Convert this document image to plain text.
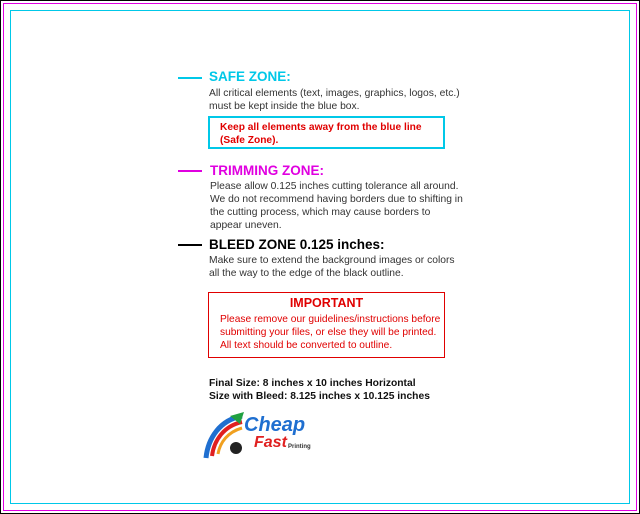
SAFE ZONE:
All critical elements (text, images, graphics, logos, etc.)
must be kept inside the blue box.
Keep all elements away from the blue line
(Safe Zone).
TRIMMING ZONE:
Please allow 0.125 inches cutting tolerance all around.
We do not recommend having borders due to shifting in
the cutting process, which may cause borders to
appear uneven.
BLEED ZONE 0.125 inches:
Make sure to extend the background images or colors
all the way to the edge of the black outline.
IMPORTANT
Please remove our guidelines/instructions before
submitting your files, or else they will be printed.
All text should be converted to outline.
Final Size: 8 inches x 10 inches Horizontal
Size with Bleed: 8.125 inches x 10.125 inches
Cheap
Fast Printing
